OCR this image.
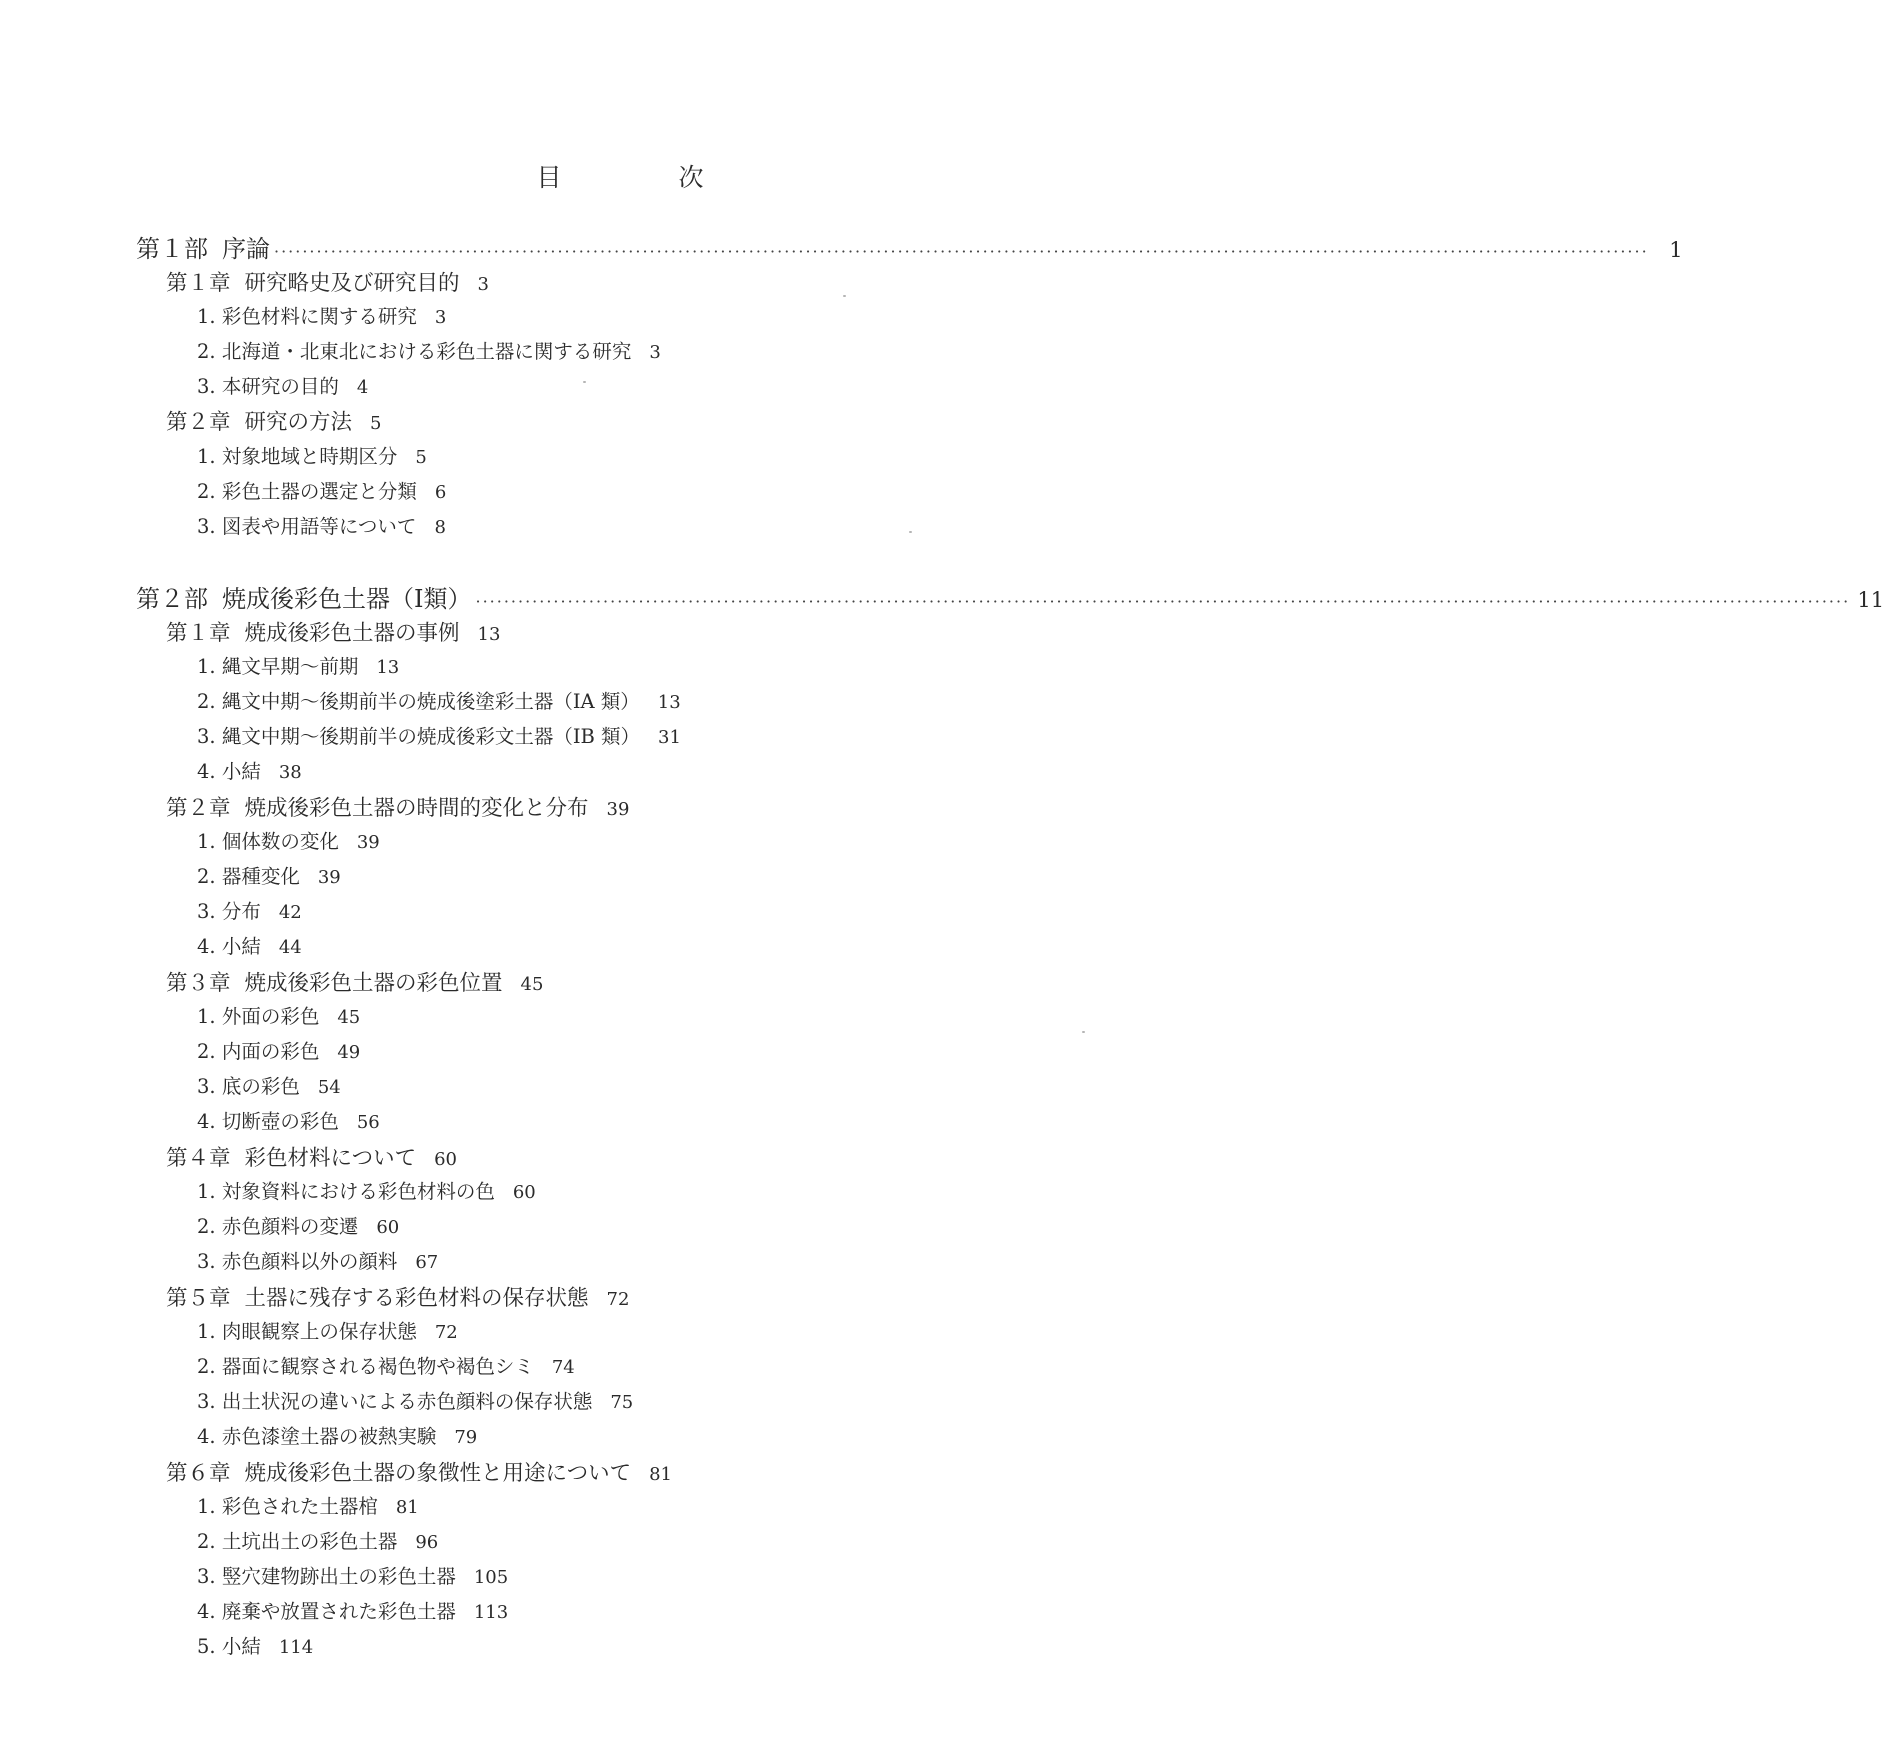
目　次
第１部 序論 ·································································································································································································· 1
第１章 研究略史及び研究目的 3
1. 彩色材料に関する研究 3
2. 北海道・北東北における彩色土器に関する研究 3
3. 本研究の目的 4
第２章 研究の方法 5
1. 対象地域と時期区分 5
2. 彩色土器の選定と分類 6
3. 図表や用語等について 8
第２部 焼成後彩色土器（Ⅰ類） ·································································································································································································· 11
第１章 焼成後彩色土器の事例 13
1. 縄文早期～前期 13
2. 縄文中期～後期前半の焼成後塗彩土器（ⅠA 類） 13
3. 縄文中期～後期前半の焼成後彩文土器（ⅠB 類） 31
4. 小結 38
第２章 焼成後彩色土器の時間的変化と分布 39
1. 個体数の変化 39
2. 器種変化 39
3. 分布 42
4. 小結 44
第３章 焼成後彩色土器の彩色位置 45
1. 外面の彩色 45
2. 内面の彩色 49
3. 底の彩色 54
4. 切断壺の彩色 56
第４章 彩色材料について 60
1. 対象資料における彩色材料の色 60
2. 赤色顔料の変遷 60
3. 赤色顔料以外の顔料 67
第５章 土器に残存する彩色材料の保存状態 72
1. 肉眼観察上の保存状態 72
2. 器面に観察される褐色物や褐色シミ 74
3. 出土状況の違いによる赤色顔料の保存状態 75
4. 赤色漆塗土器の被熱実験 79
第６章 焼成後彩色土器の象徴性と用途について 81
1. 彩色された土器棺 81
2. 土坑出土の彩色土器 96
3. 竪穴建物跡出土の彩色土器 105
4. 廃棄や放置された彩色土器 113
5. 小結 114
